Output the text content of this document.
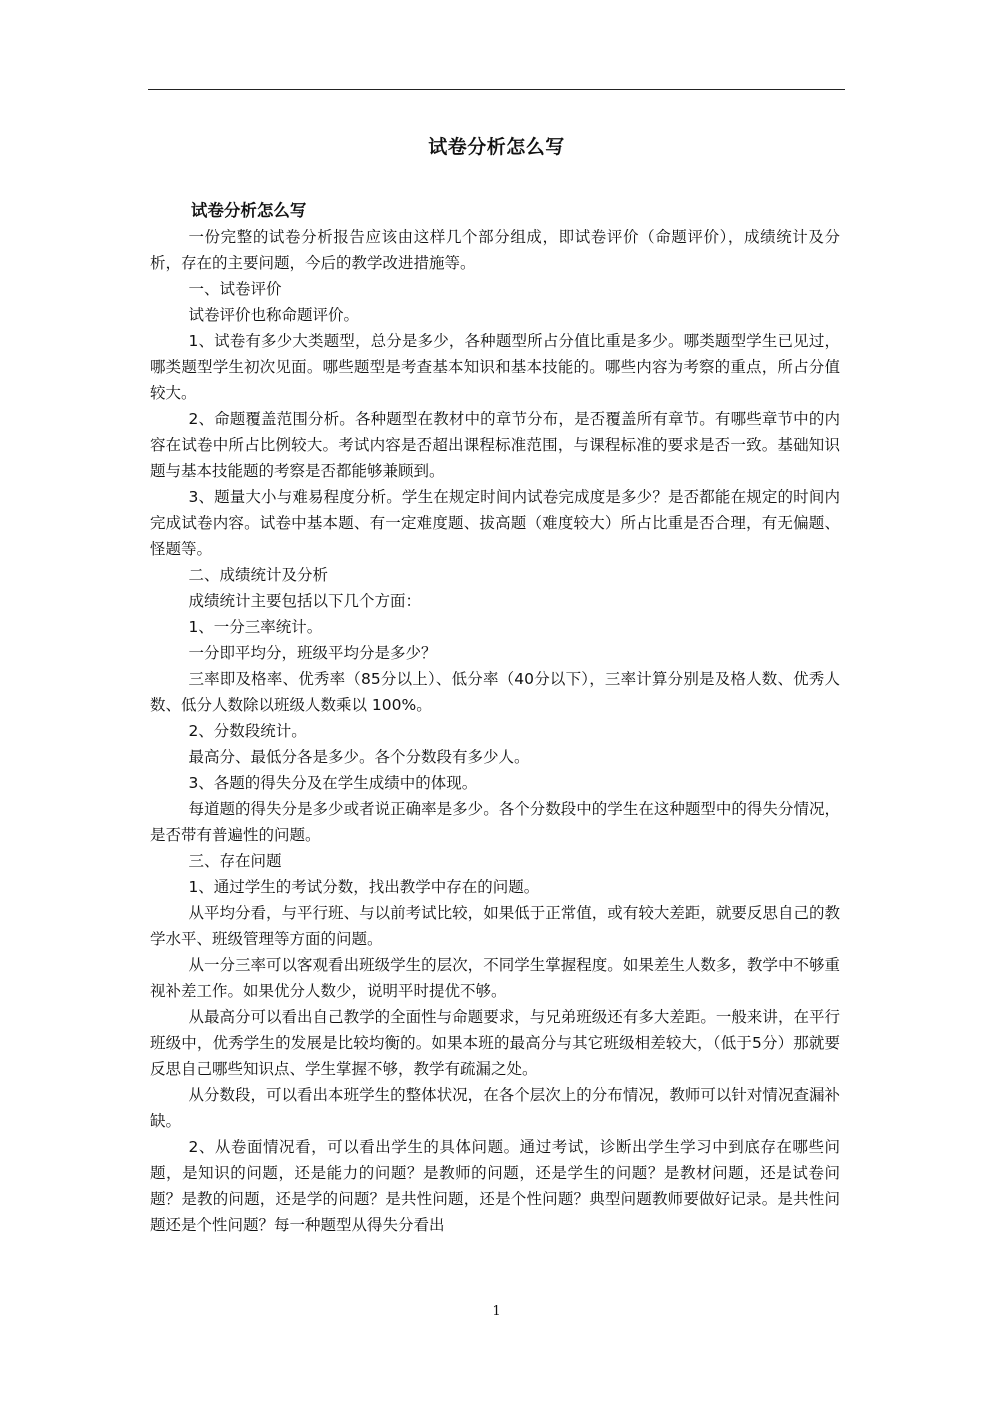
试卷分析怎么写

试卷分析怎么写

一份完整的试卷分析报告应该由这样几个部分组成，即试卷评价（命题评价），成绩统计及分析，存在的主要问题，今后的教学改进措施等。

一、试卷评价

试卷评价也称命题评价。

1、试卷有多少大类题型，总分是多少，各种题型所占分值比重是多少。哪类题型学生已见过，哪类题型学生初次见面。哪些题型是考查基本知识和基本技能的。哪些内容为考察的重点，所占分值较大。

2、命题覆盖范围分析。各种题型在教材中的章节分布，是否覆盖所有章节。有哪些章节中的内容在试卷中所占比例较大。考试内容是否超出课程标准范围，与课程标准的要求是否一致。基础知识题与基本技能题的考察是否都能够兼顾到。

3、题量大小与难易程度分析。学生在规定时间内试卷完成度是多少？是否都能在规定的时间内完成试卷内容。试卷中基本题、有一定难度题、拔高题（难度较大）所占比重是否合理，有无偏题、怪题等。

二、成绩统计及分析

成绩统计主要包括以下几个方面：

1、一分三率统计。

一分即平均分，班级平均分是多少？

三率即及格率、优秀率（85分以上）、低分率（40分以下），三率计算分别是及格人数、优秀人数、低分人数除以班级人数乘以 100%。

2、分数段统计。

最高分、最低分各是多少。各个分数段有多少人。

3、各题的得失分及在学生成绩中的体现。

每道题的得失分是多少或者说正确率是多少。各个分数段中的学生在这种题型中的得失分情况，是否带有普遍性的问题。

三、存在问题

1、通过学生的考试分数，找出教学中存在的问题。

从平均分看，与平行班、与以前考试比较，如果低于正常值，或有较大差距，就要反思自己的教学水平、班级管理等方面的问题。

从一分三率可以客观看出班级学生的层次，不同学生掌握程度。如果差生人数多，教学中不够重视补差工作。如果优分人数少，说明平时提优不够。

从最高分可以看出自己教学的全面性与命题要求，与兄弟班级还有多大差距。一般来讲，在平行班级中，优秀学生的发展是比较均衡的。如果本班的最高分与其它班级相差较大，（低于5分）那就要反思自己哪些知识点、学生掌握不够，教学有疏漏之处。

从分数段，可以看出本班学生的整体状况，在各个层次上的分布情况，教师可以针对情况查漏补缺。

2、从卷面情况看，可以看出学生的具体问题。通过考试，诊断出学生学习中到底存在哪些问题，是知识的问题，还是能力的问题？是教师的问题，还是学生的问题？是教材问题，还是试卷问题？是教的问题，还是学的问题？是共性问题，还是个性问题？典型问题教师要做好记录。是共性问题还是个性问题？每一种题型从得失分看出

1
